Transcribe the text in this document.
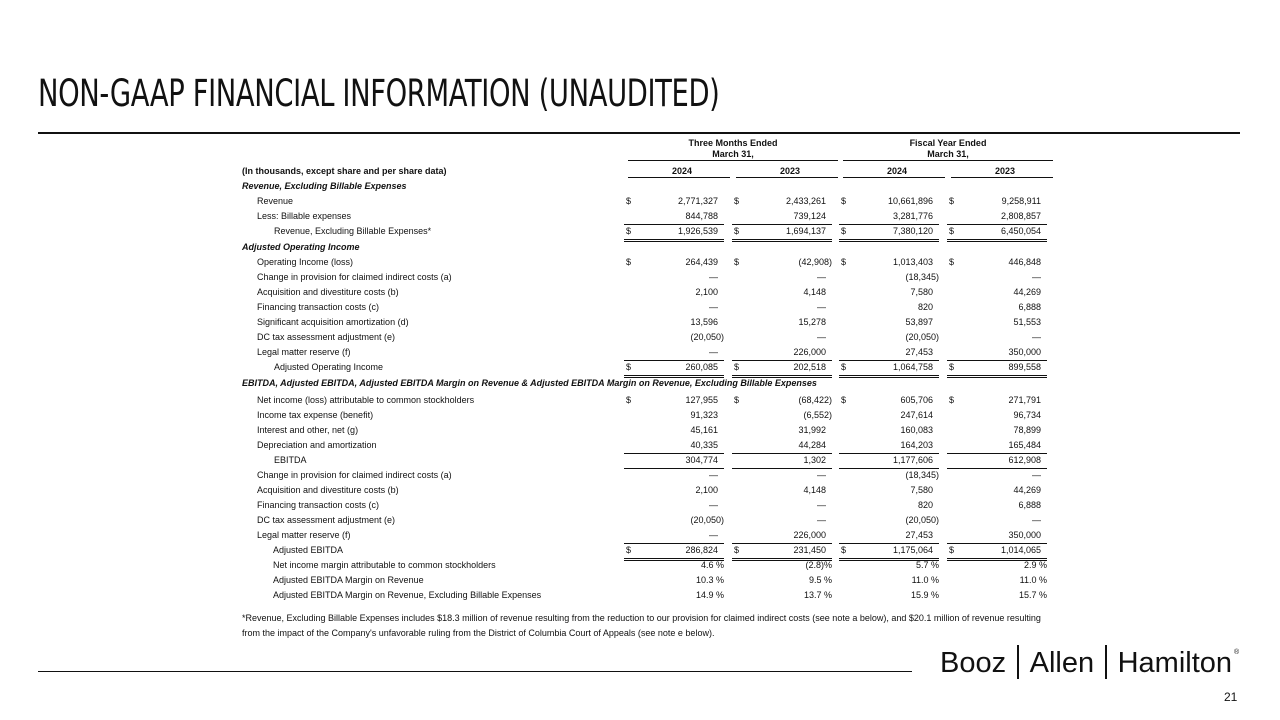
NON-GAAP FINANCIAL INFORMATION (UNAUDITED)
Three Months Ended
March 31,
Fiscal Year Ended
March 31,
(In thousands, except share and per share data)	2024	2023	2024	2023
Revenue, Excluding Billable Expenses
Revenue	$	2,771,327 $	2,433,261 $	10,661,896 $	9,258,911
Less: Billable expenses	844,788	739,124	3,281,776	2,808,857
Revenue, Excluding Billable Expenses*	$	1,926,539 $	1,694,137 $	7,380,120 $	6,450,054
Adjusted Operating Income
Operating Income (loss)	$	264,439 $	(42,908) $	1,013,403 $	446,848
Change in provision for claimed indirect costs (a)	—	—	(18,345)	—
Acquisition and divestiture costs (b)	2,100	4,148	7,580	44,269
Financing transaction costs (c)	—	—	820	6,888
Significant acquisition amortization (d)	13,596	15,278	53,897	51,553
DC tax assessment adjustment (e)	(20,050)	—	(20,050)	—
Legal matter reserve (f)	—	226,000	27,453	350,000
Adjusted Operating Income	$	260,085 $	202,518 $	1,064,758 $	899,558
EBITDA, Adjusted EBITDA, Adjusted EBITDA Margin on Revenue & Adjusted EBITDA Margin on Revenue, Excluding Billable Expenses
Net income (loss) attributable to common stockholders	$	127,955 $	(68,422) $	605,706 $	271,791
Income tax expense (benefit)	91,323	(6,552)	247,614	96,734
Interest and other, net (g)	45,161	31,992	160,083	78,899
Depreciation and amortization	40,335	44,284	164,203	165,484
EBITDA	304,774	1,302	1,177,606	612,908
Change in provision for claimed indirect costs (a)	—	—	(18,345)	—
Acquisition and divestiture costs (b)	2,100	4,148	7,580	44,269
Financing transaction costs (c)	—	—	820	6,888
DC tax assessment adjustment (e)	(20,050)	—	(20,050)	—
Legal matter reserve (f)	—	226,000	27,453	350,000
Adjusted EBITDA	$	286,824 $	231,450 $	1,175,064 $	1,014,065
Net income margin attributable to common stockholders	4.6 %	(2.8)%	5.7 %	2.9 %
Adjusted EBITDA Margin on Revenue	10.3 %	9.5 %	11.0 %	11.0 %
Adjusted EBITDA Margin on Revenue, Excluding Billable Expenses	14.9 %	13.7 %	15.9 %	15.7 %
*Revenue, Excluding Billable Expenses includes $18.3 million of revenue resulting from the reduction to our provision for claimed indirect costs (see note a below), and $20.1 million of revenue resulting from the impact of the Company's unfavorable ruling from the District of Columbia Court of Appeals (see note e below).
Booz Allen Hamilton ®
21
